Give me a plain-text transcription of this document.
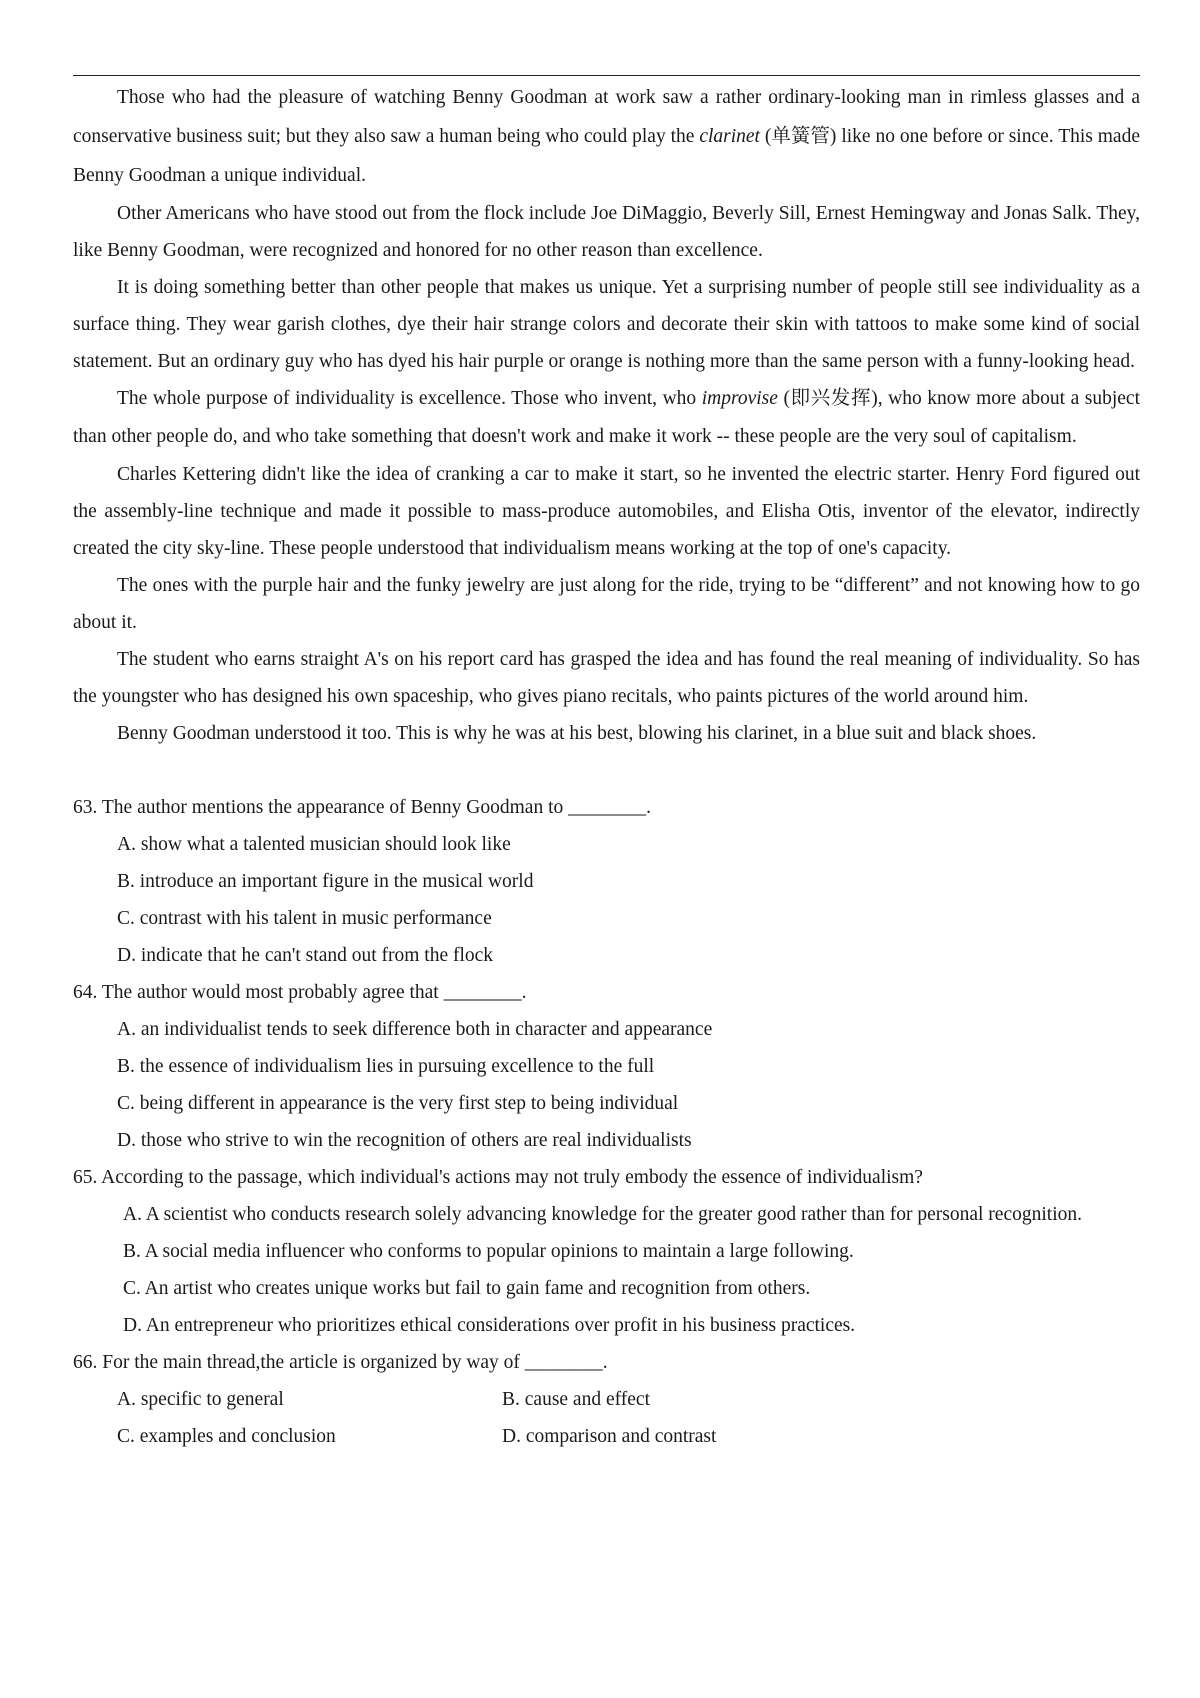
Those who had the pleasure of watching Benny Goodman at work saw a rather ordinary-looking man in rimless glasses and a conservative business suit; but they also saw a human being who could play the clarinet (单簧管) like no one before or since. This made Benny Goodman a unique individual.

Other Americans who have stood out from the flock include Joe DiMaggio, Beverly Sill, Ernest Hemingway and Jonas Salk. They, like Benny Goodman, were recognized and honored for no other reason than excellence.

It is doing something better than other people that makes us unique. Yet a surprising number of people still see individuality as a surface thing. They wear garish clothes, dye their hair strange colors and decorate their skin with tattoos to make some kind of social statement. But an ordinary guy who has dyed his hair purple or orange is nothing more than the same person with a funny-looking head.

The whole purpose of individuality is excellence. Those who invent, who improvise (即兴发挥), who know more about a subject than other people do, and who take something that doesn't work and make it work -- these people are the very soul of capitalism.

Charles Kettering didn't like the idea of cranking a car to make it start, so he invented the electric starter. Henry Ford figured out the assembly-line technique and made it possible to mass-produce automobiles, and Elisha Otis, inventor of the elevator, indirectly created the city sky-line. These people understood that individualism means working at the top of one's capacity.

The ones with the purple hair and the funky jewelry are just along for the ride, trying to be “different” and not knowing how to go about it.

The student who earns straight A's on his report card has grasped the idea and has found the real meaning of individuality. So has the youngster who has designed his own spaceship, who gives piano recitals, who paints pictures of the world around him.

Benny Goodman understood it too. This is why he was at his best, blowing his clarinet, in a blue suit and black shoes.

63. The author mentions the appearance of Benny Goodman to ________.

A. show what a talented musician should look like

B. introduce an important figure in the musical world

C. contrast with his talent in music performance

D. indicate that he can't stand out from the flock

64. The author would most probably agree that ________.

A. an individualist tends to seek difference both in character and appearance

B. the essence of individualism lies in pursuing excellence to the full

C. being different in appearance is the very first step to being individual

D. those who strive to win the recognition of others are real individualists

65. According to the passage, which individual's actions may not truly embody the essence of individualism?

A. A scientist who conducts research solely advancing knowledge for the greater good rather than for personal recognition.

B. A social media influencer who conforms to popular opinions to maintain a large following.

C. An artist who creates unique works but fail to gain fame and recognition from others.

D. An entrepreneur who prioritizes ethical considerations over profit in his business practices.

66. For the main thread,the article is organized by way of ________.

A. specific to general	B. cause and effect
C. examples and conclusion	D. comparison and contrast
